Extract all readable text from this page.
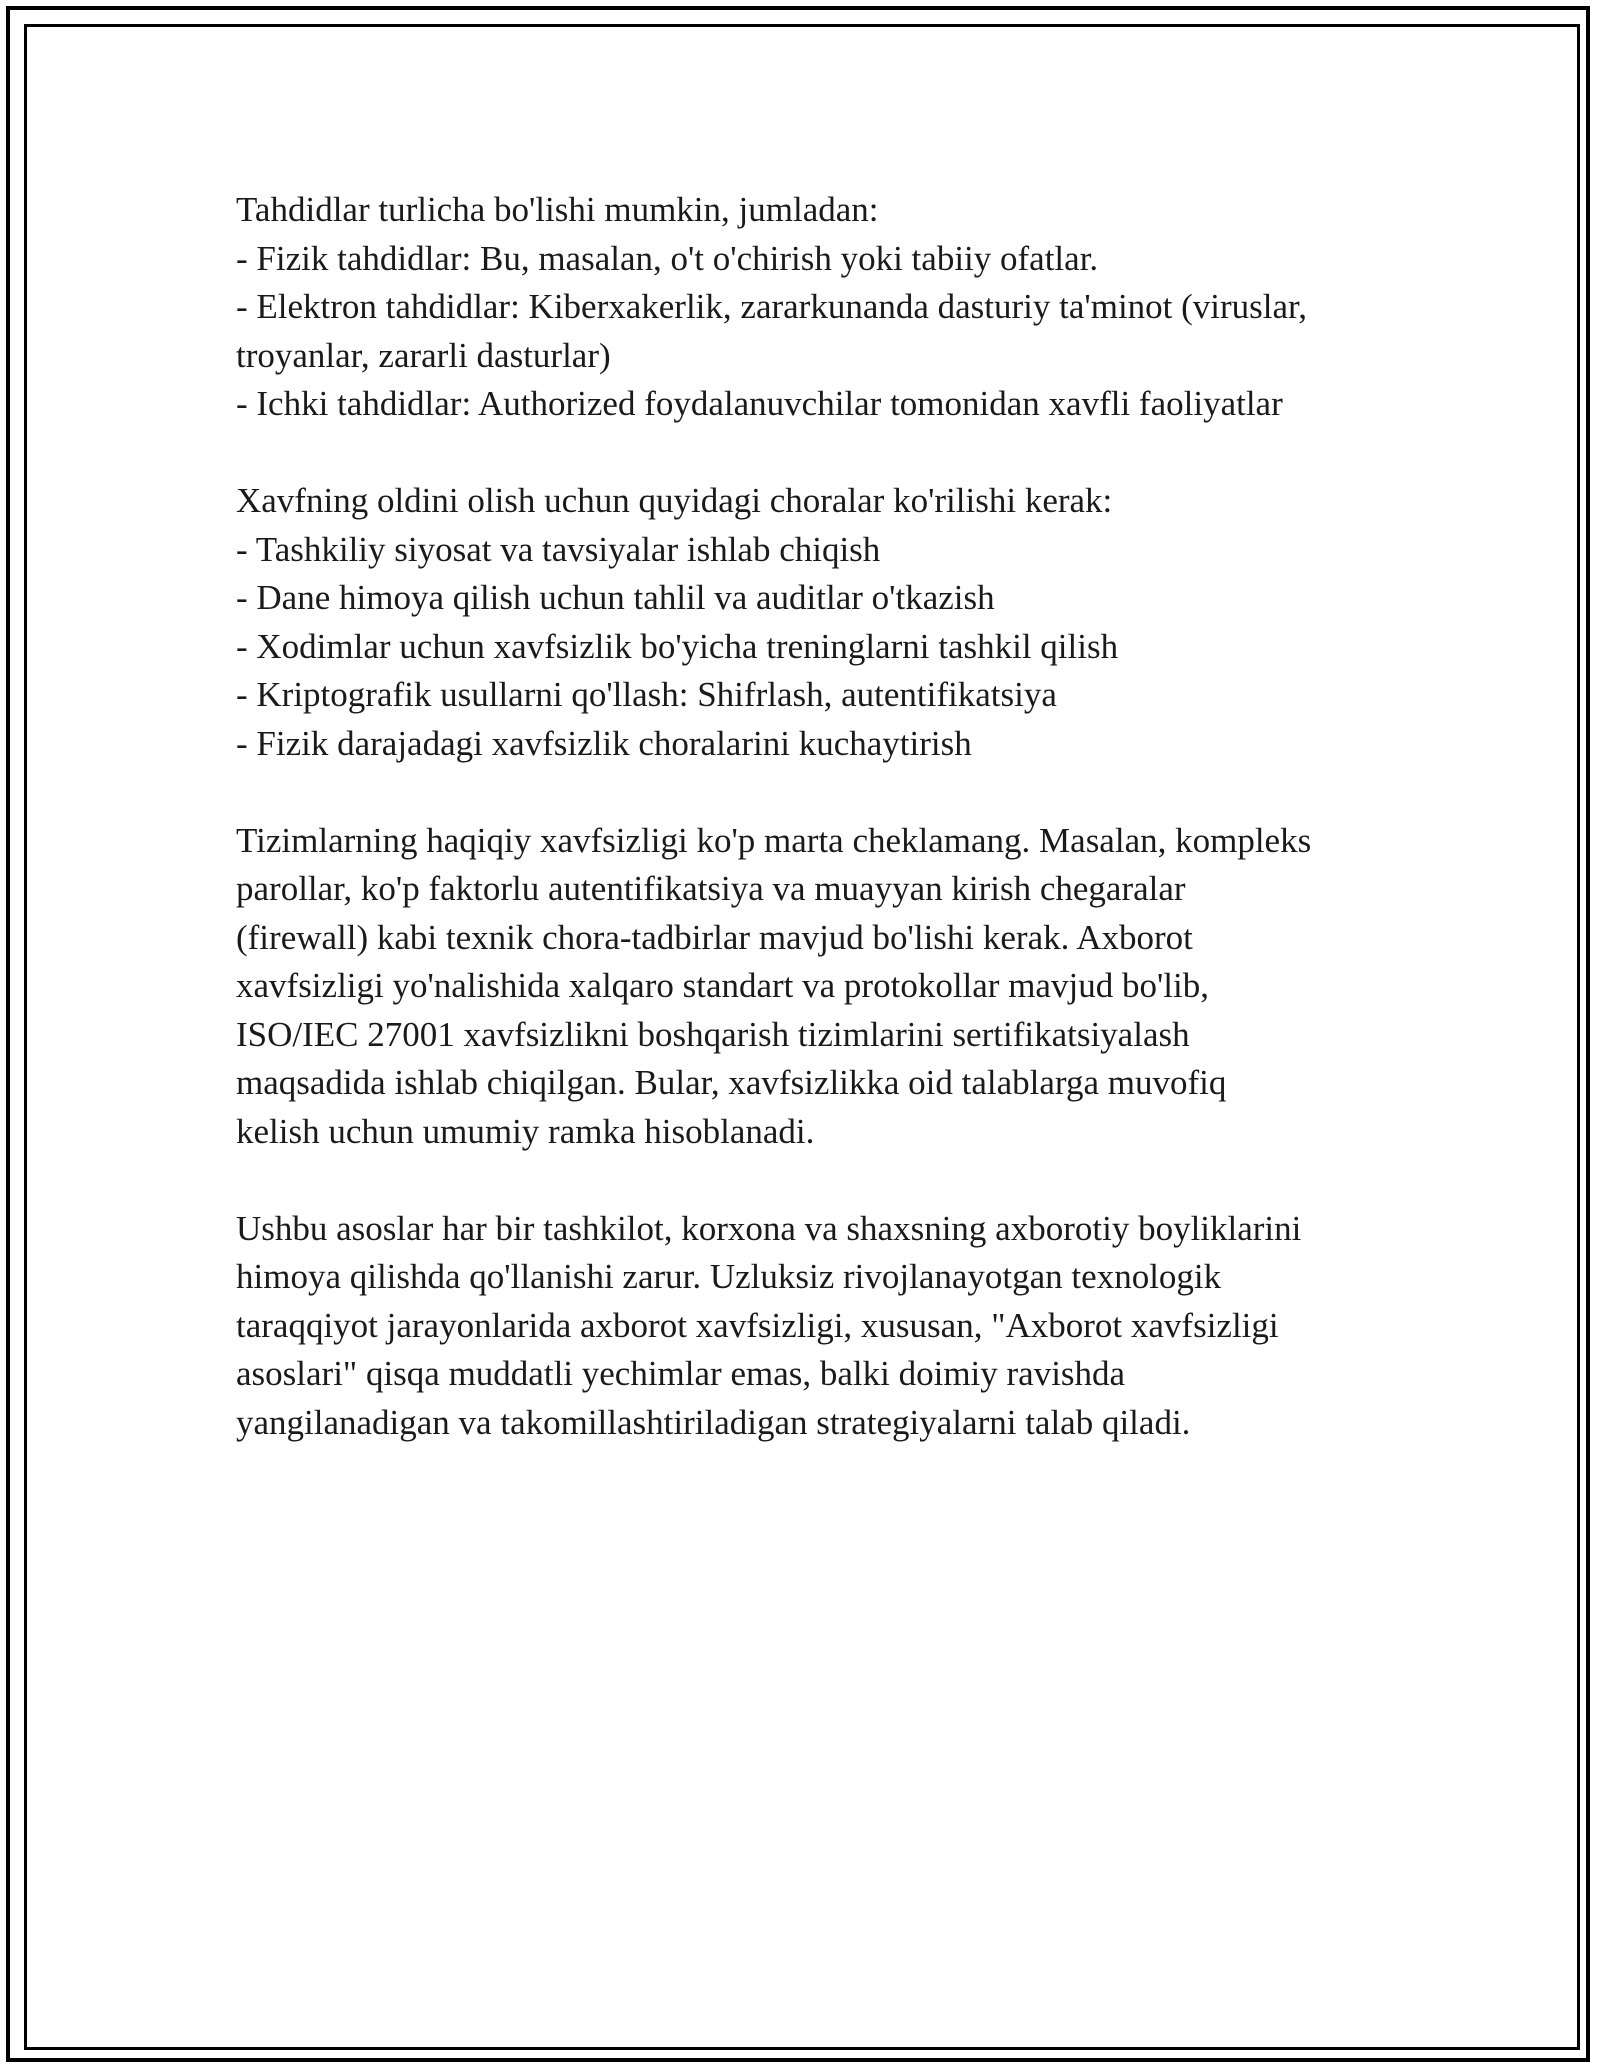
Tahdidlar turlicha bo'lishi mumkin, jumladan:
- Fizik tahdidlar: Bu, masalan, o't o'chirish yoki tabiiy ofatlar.
- Elektron tahdidlar: Kiberxakerlik, zararkunanda dasturiy ta'minot (viruslar,
troyanlar, zararli dasturlar)
- Ichki tahdidlar: Authorized foydalanuvchilar tomonidan xavfli faoliyatlar

Xavfning oldini olish uchun quyidagi choralar ko'rilishi kerak:
- Tashkiliy siyosat va tavsiyalar ishlab chiqish
- Dane himoya qilish uchun tahlil va auditlar o'tkazish
- Xodimlar uchun xavfsizlik bo'yicha treninglarni tashkil qilish
- Kriptografik usullarni qo'llash: Shifrlash, autentifikatsiya
- Fizik darajadagi xavfsizlik choralarini kuchaytirish

Tizimlarning haqiqiy xavfsizligi ko'p marta cheklamang. Masalan, kompleks
parollar, ko'p faktorlu autentifikatsiya va muayyan kirish chegaralar
(firewall) kabi texnik chora-tadbirlar mavjud bo'lishi kerak. Axborot
xavfsizligi yo'nalishida xalqaro standart va protokollar mavjud bo'lib,
ISO/IEC 27001 xavfsizlikni boshqarish tizimlarini sertifikatsiyalash
maqsadida ishlab chiqilgan. Bular, xavfsizlikka oid talablarga muvofiq
kelish uchun umumiy ramka hisoblanadi.

Ushbu asoslar har bir tashkilot, korxona va shaxsning axborotiy boyliklarini
himoya qilishda qo'llanishi zarur. Uzluksiz rivojlanayotgan texnologik
taraqqiyot jarayonlarida axborot xavfsizligi, xususan, "Axborot xavfsizligi
asoslari" qisqa muddatli yechimlar emas, balki doimiy ravishda
yangilanadigan va takomillashtiriladigan strategiyalarni talab qiladi.
